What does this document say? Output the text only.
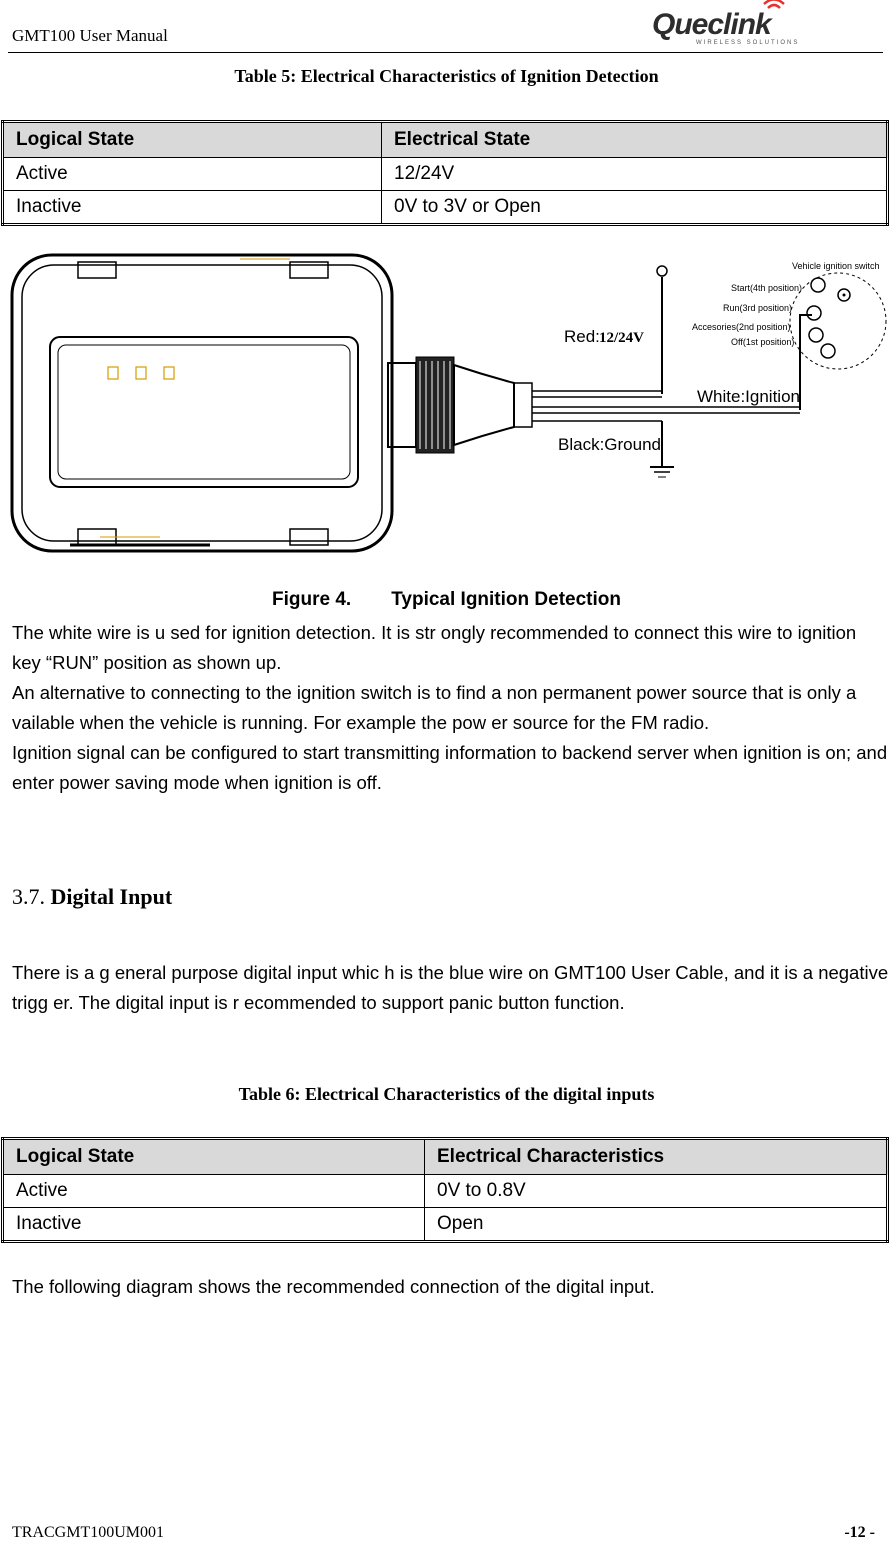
GMT100 User Manual	Queclink
WIRELESS SOLUTIONS
Table 5: Electrical Characteristics of Ignition Detection
Logical State	Electrical State
Active	12/24V
Inactive	0V to 3V or Open
Vehicle ignition switch
Start(4th position)
Run(3rd position)
Accesories(2nd position)
Off(1st position)
Red: 12/24V
White:Ignition
Black:Ground
Figure 4. Typical Ignition Detection

The white wire is u sed for ignition detection. It is str ongly recommended to connect this wire to ignition key “RUN” position as shown up.

An alternative to connecting to the ignition switch is to find a non permanent power source that is only a vailable when the vehicle is running. For example the pow er source for the FM radio.

Ignition signal can be configured to start transmitting information to backend server when ignition is on; and enter power saving mode when ignition is off.

3.7. Digital Input

There is a g eneral purpose digital input whic h is the blue wire on GMT100 User Cable, and it is a negative trigg er. The digital input is r ecommended to support panic button function.

Table 6: Electrical Characteristics of the digital inputs
Logical State	Electrical Characteristics
Active	0V to 0.8V
Inactive	Open

The following diagram shows the recommended connection of the digital input.

TRACGMT100UM001	-12 -
